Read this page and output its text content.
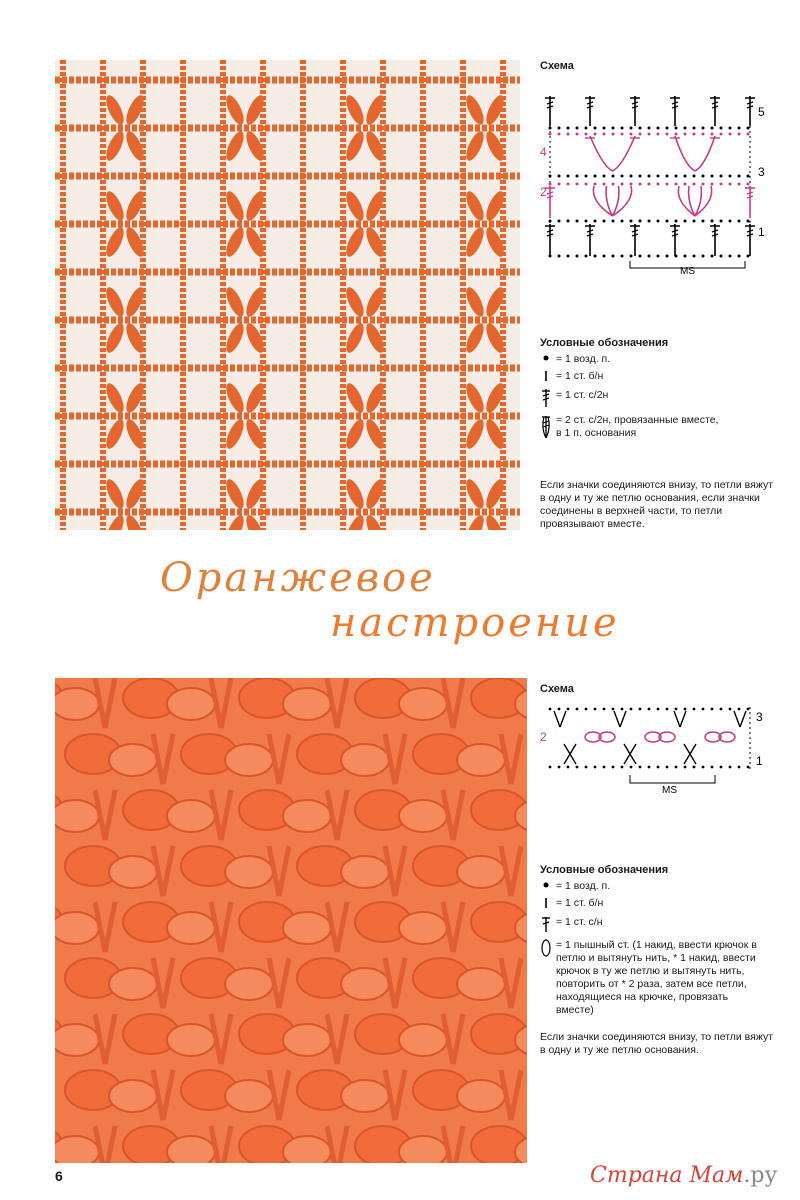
Схема
5
4
3
2
1
MS
Условные обозначения
= 1 возд. п.
= 1 ст. б/н
= 1 ст. с/2н
= 2 ст. с/2н, провязанные вместе,
в 1 п. основания
Если значки соединяются внизу, то петли вяжут в одну и ту же петлю основания, если значки соединены в верхней части, то петли провязывают вместе.
Оранжевое
настроение
Схема
3
2
1
MS
Условные обозначения
= 1 возд. п.
= 1 ст. б/н
= 1 ст. с/н
= 1 пышный ст. (1 накид, ввести крючок в петлю и вытянуть нить, * 1 накид, ввести крючок в ту же петлю и вытянуть нить, повторить от * 2 раза, затем все петли, находящиеся на крючке, провязать вместе)
Если значки соединяются внизу, то петли вяжут в одну и ту же петлю основания.
6	Страна Мам.ру
